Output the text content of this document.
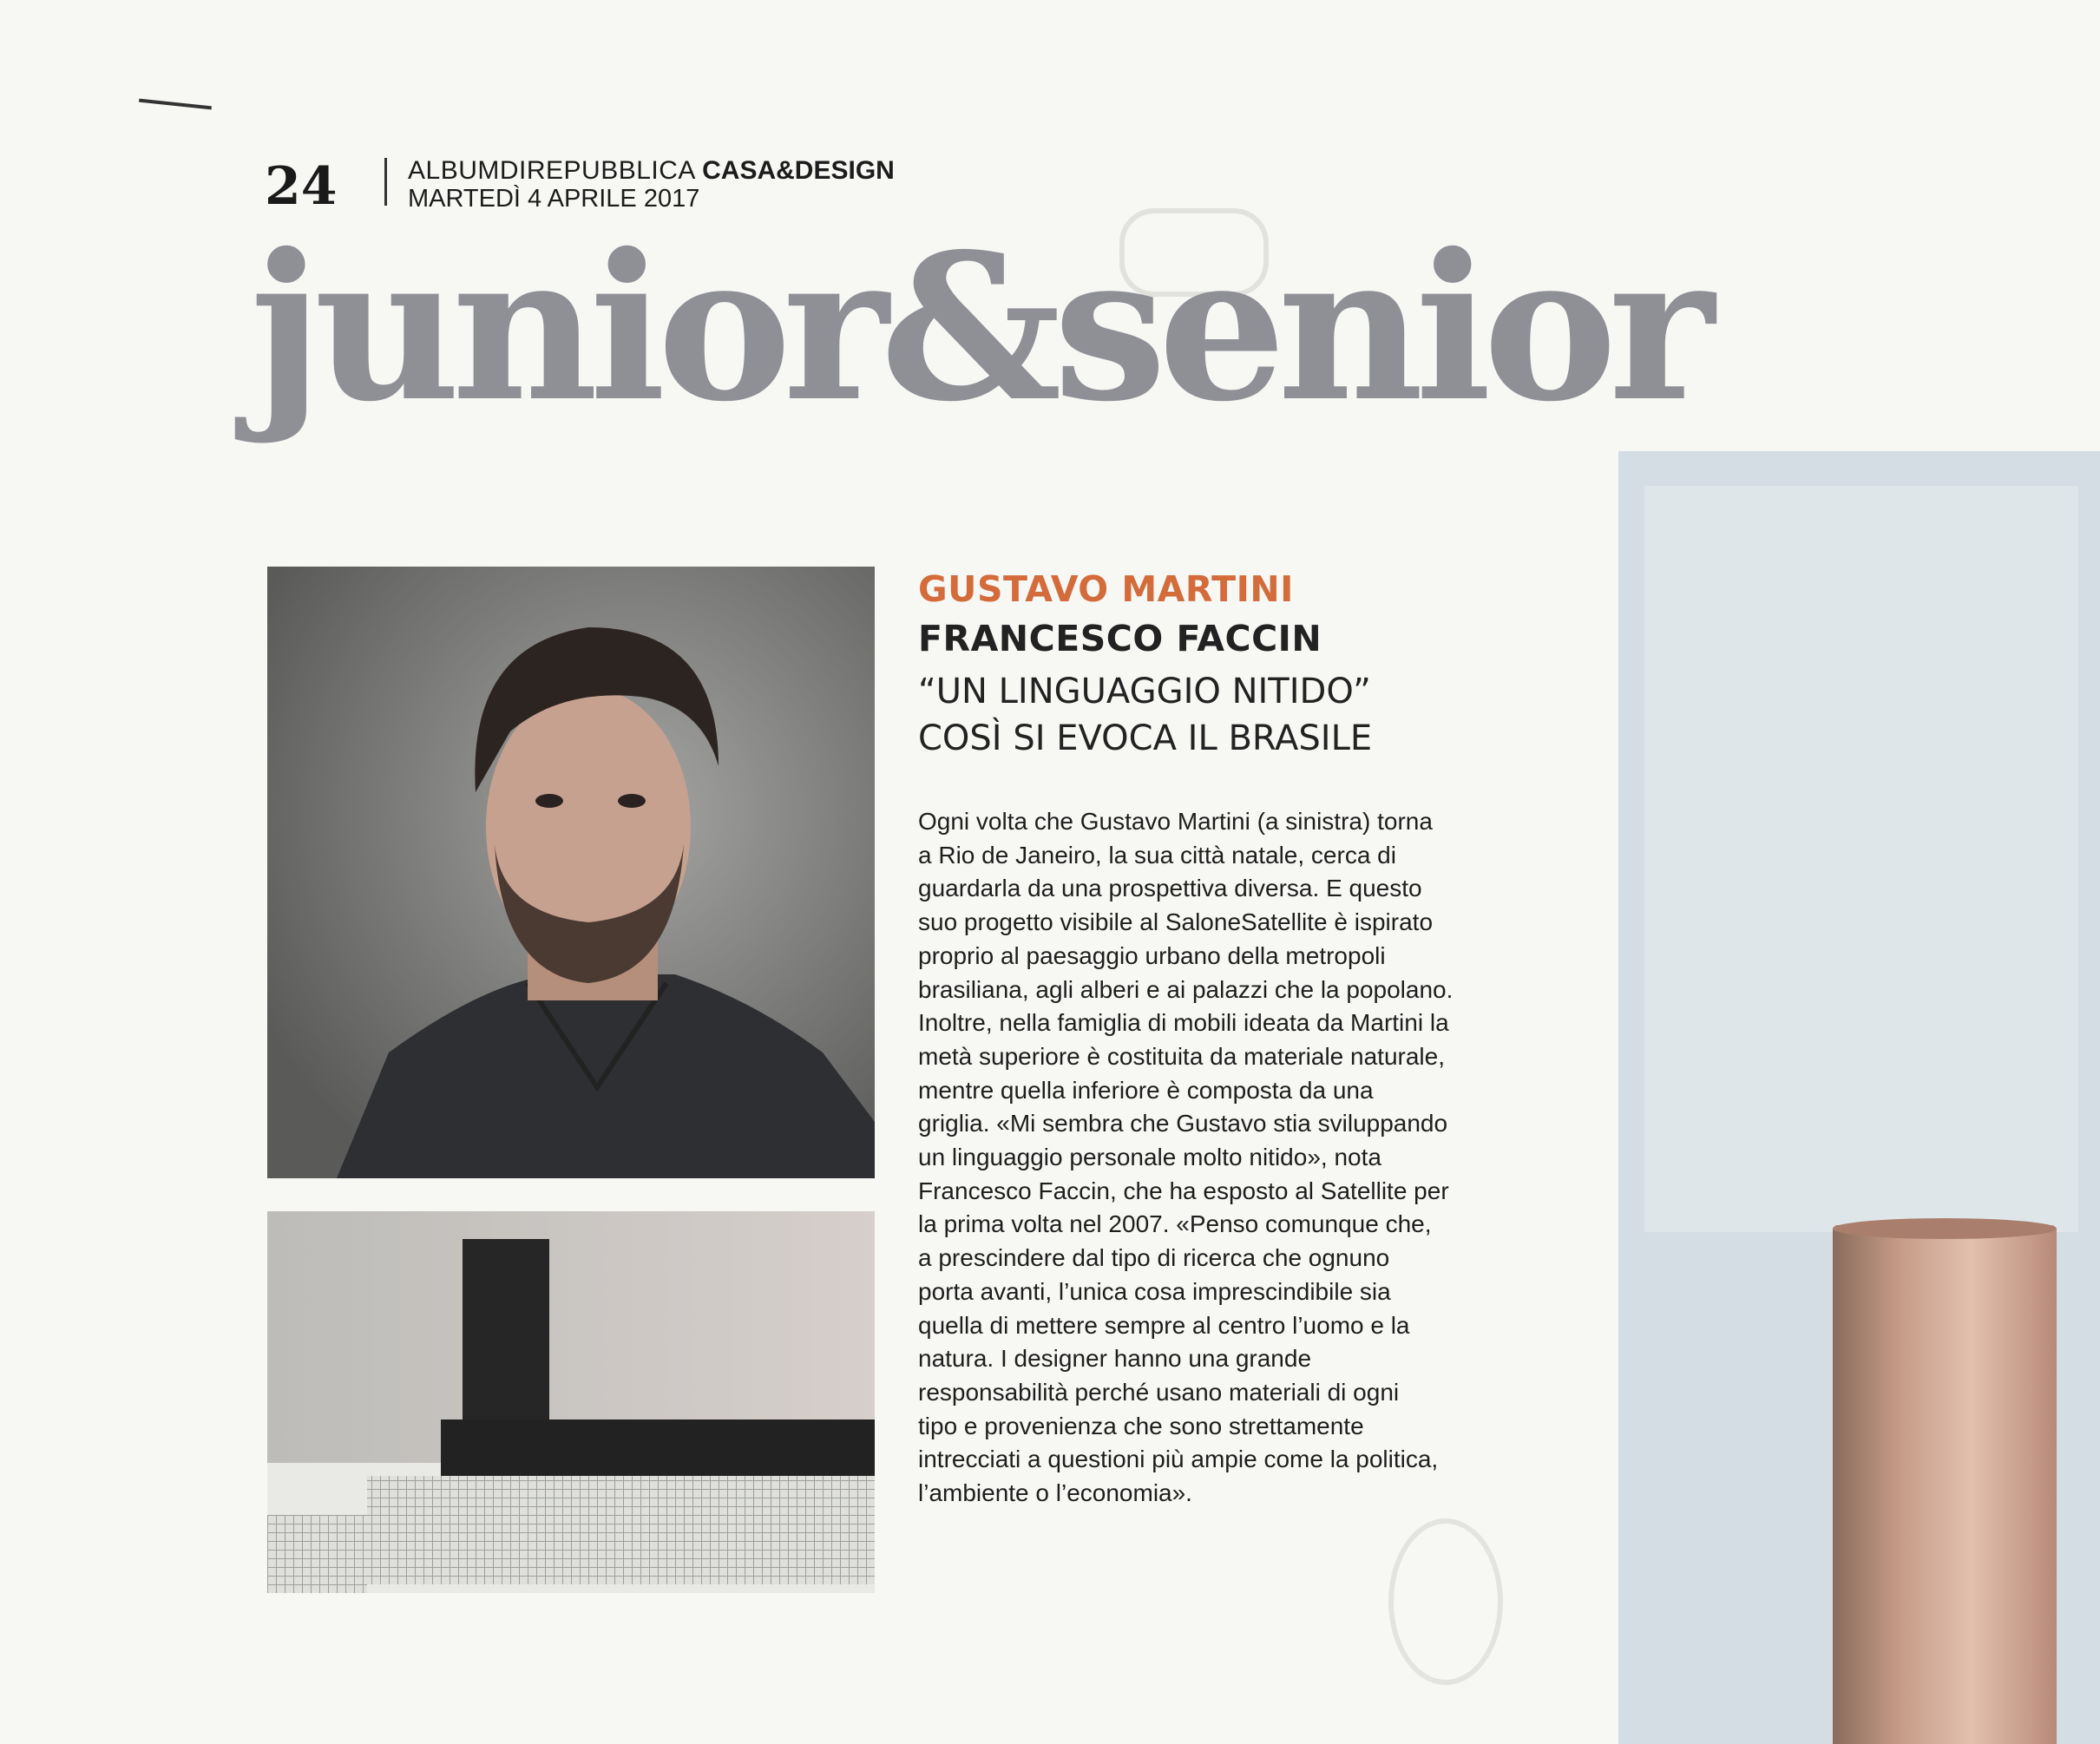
24	ALBUMDIREPUBBLICA CASA&DESIGN
MARTEDÌ 4 APRILE 2017
junior&senior
GUSTAVO MARTINI
FRANCESCO FACCIN
“UN LINGUAGGIO NITIDO”
COSÌ SI EVOCA IL BRASILE
Ogni volta che Gustavo Martini (a sinistra) torna
a Rio de Janeiro, la sua città natale, cerca di
guardarla da una prospettiva diversa. E questo
suo progetto visibile al SaloneSatellite è ispirato
proprio al paesaggio urbano della metropoli
brasiliana, agli alberi e ai palazzi che la popolano.
Inoltre, nella famiglia di mobili ideata da Martini la
metà superiore è costituita da materiale naturale,
mentre quella inferiore è composta da una
griglia. «Mi sembra che Gustavo stia sviluppando
un linguaggio personale molto nitido», nota
Francesco Faccin, che ha esposto al Satellite per
la prima volta nel 2007. «Penso comunque che,
a prescindere dal tipo di ricerca che ognuno
porta avanti, l’unica cosa imprescindibile sia
quella di mettere sempre al centro l’uomo e la
natura. I designer hanno una grande
responsabilità perché usano materiali di ogni
tipo e provenienza che sono strettamente
intrecciati a questioni più ampie come la politica,
l’ambiente o l’economia».
